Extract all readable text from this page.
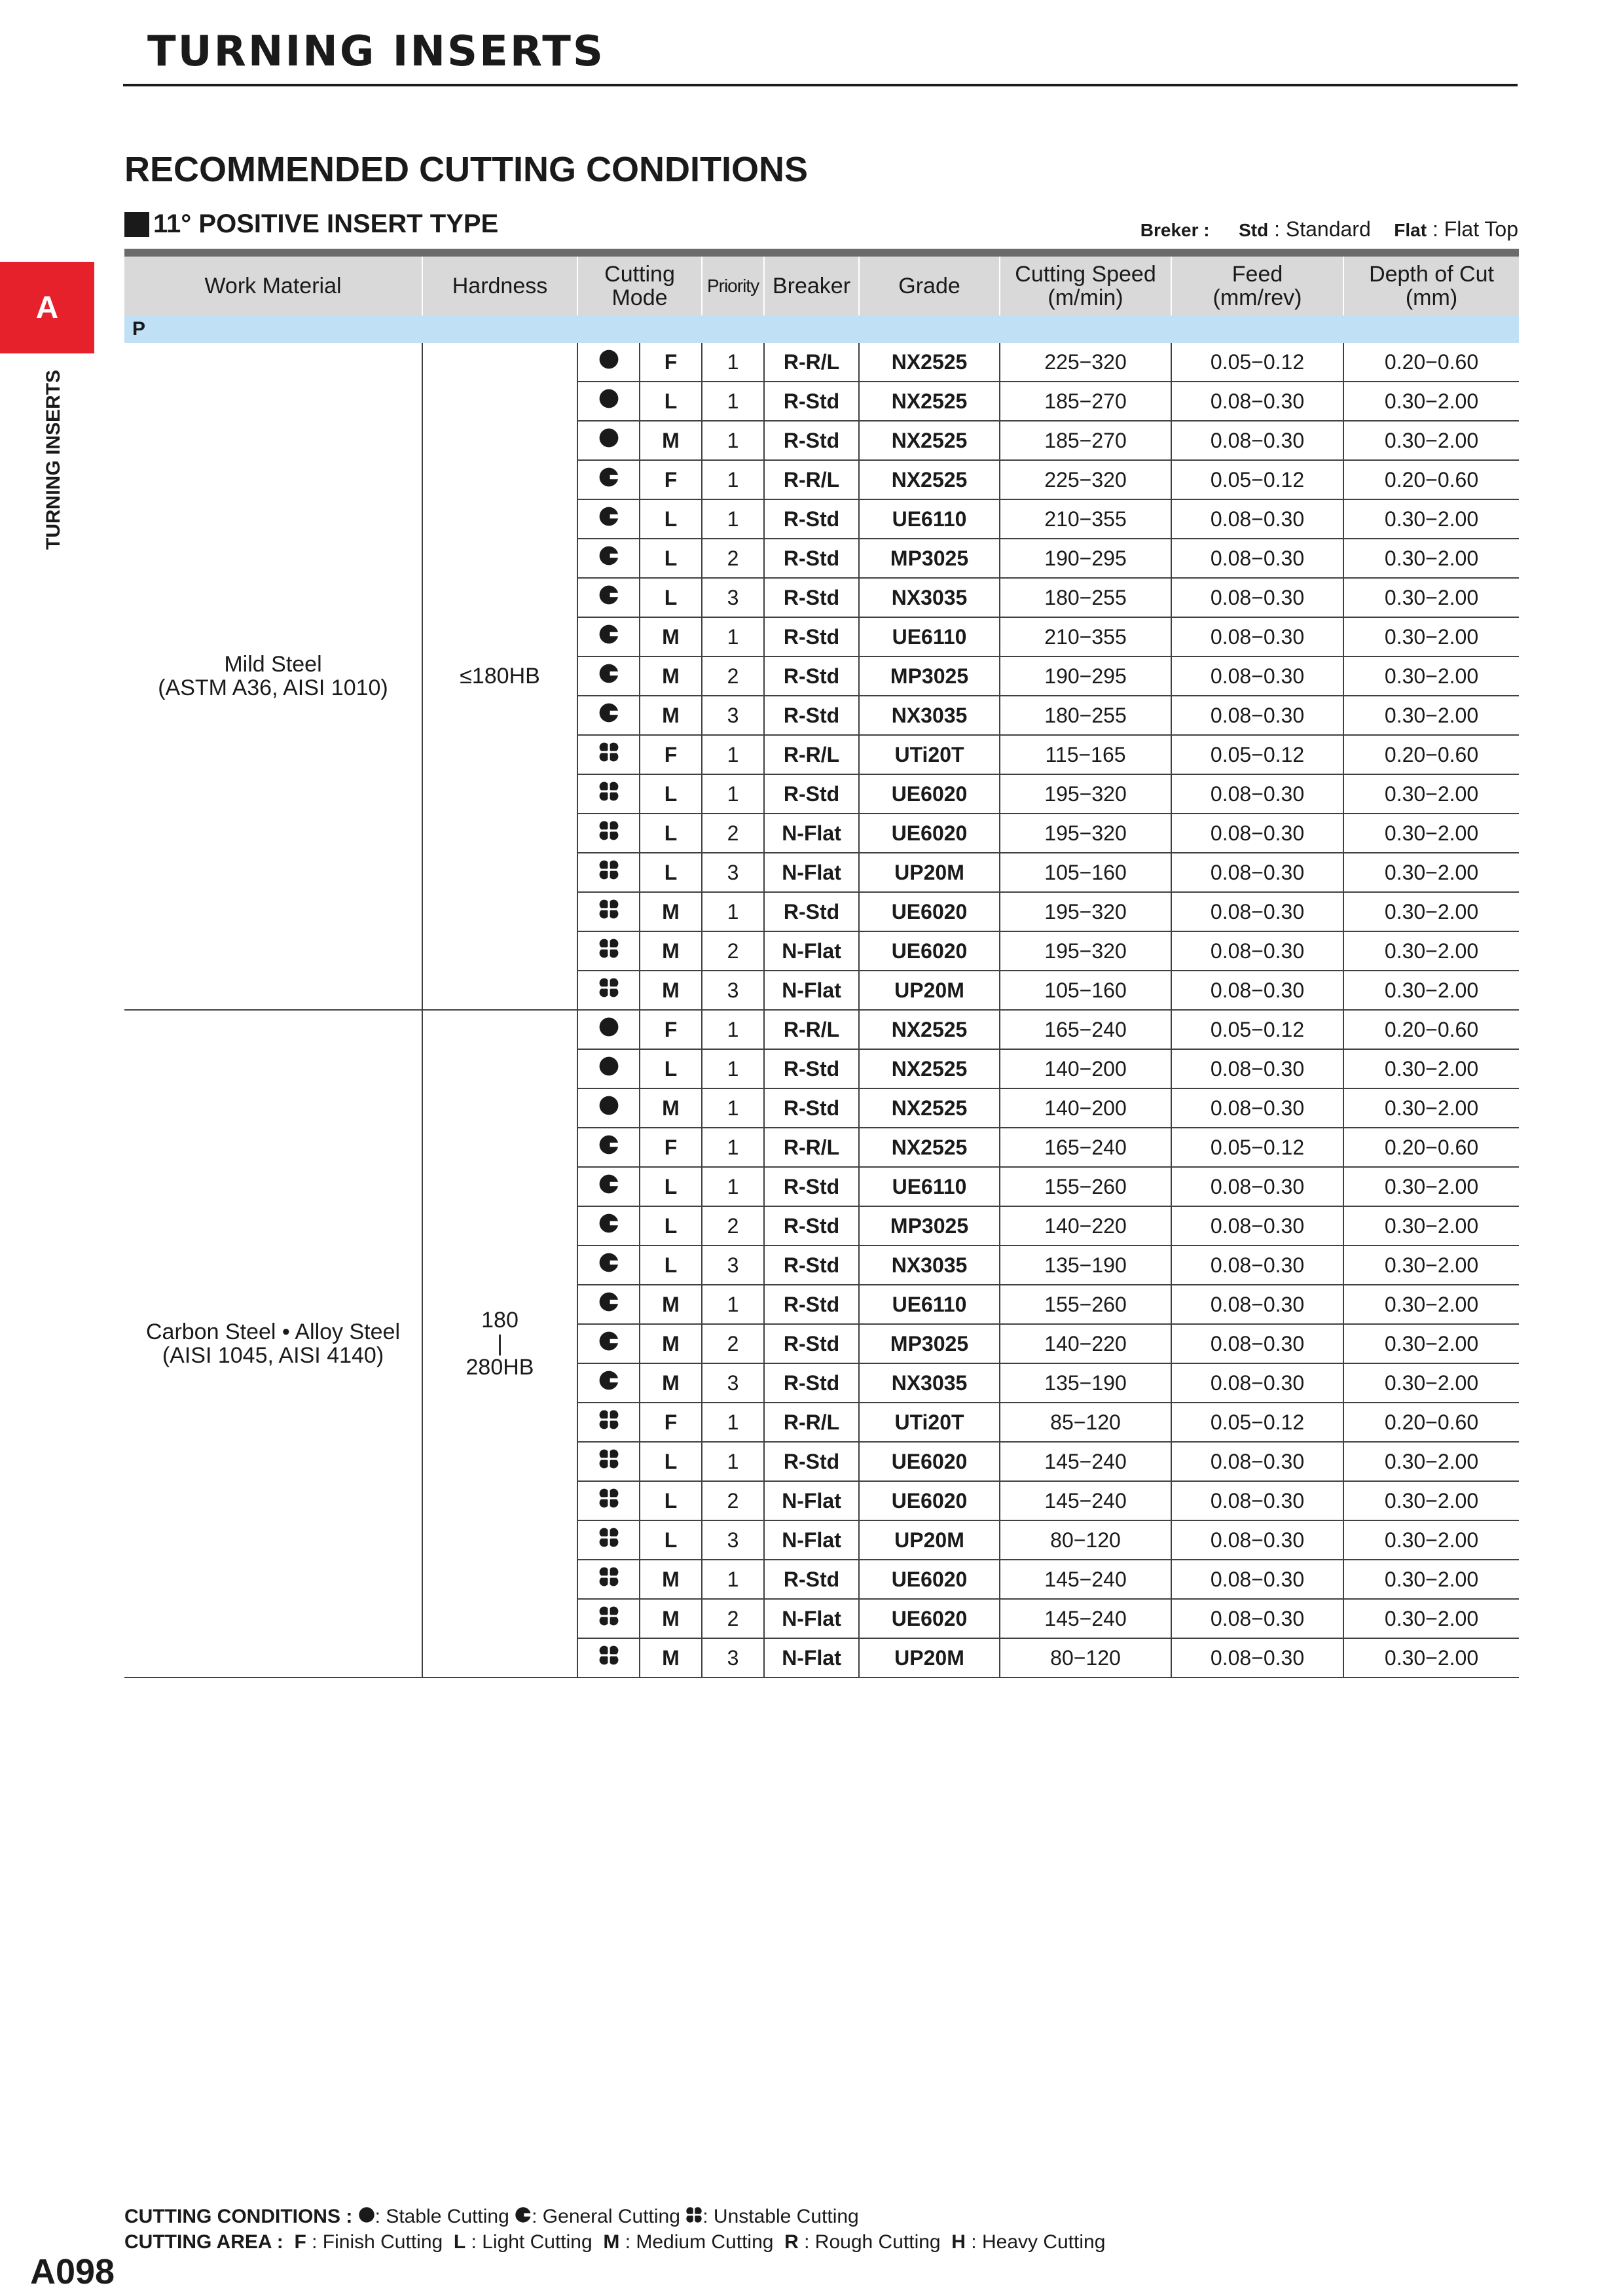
TURNING INSERTS
A
TURNING INSERTS
RECOMMENDED CUTTING CONDITIONS
11° POSITIVE INSERT TYPE	Breker : Std : Standard Flat : Flat Top
Work Material	Hardness	Cutting
Mode		Priority	Breaker	Grade	Cutting Speed
(m/min)	Feed
(mm/rev)	Depth of Cut
(mm)
P									
Mild Steel
(ASTM A36, AISI 1010)	≤180HB		F	1	R-R/L	NX2525	225−320	0.05−0.12	0.20−0.60
	L	1	R-Std	NX2525	185−270	0.08−0.30	0.30−2.00
	M	1	R-Std	NX2525	185−270	0.08−0.30	0.30−2.00
	F	1	R-R/L	NX2525	225−320	0.05−0.12	0.20−0.60
	L	1	R-Std	UE6110	210−355	0.08−0.30	0.30−2.00
	L	2	R-Std	MP3025	190−295	0.08−0.30	0.30−2.00
	L	3	R-Std	NX3035	180−255	0.08−0.30	0.30−2.00
	M	1	R-Std	UE6110	210−355	0.08−0.30	0.30−2.00
	M	2	R-Std	MP3025	190−295	0.08−0.30	0.30−2.00
	M	3	R-Std	NX3035	180−255	0.08−0.30	0.30−2.00
	F	1	R-R/L	UTi20T	115−165	0.05−0.12	0.20−0.60
	L	1	R-Std	UE6020	195−320	0.08−0.30	0.30−2.00
	L	2	N-Flat	UE6020	195−320	0.08−0.30	0.30−2.00
	L	3	N-Flat	UP20M	105−160	0.08−0.30	0.30−2.00
	M	1	R-Std	UE6020	195−320	0.08−0.30	0.30−2.00
	M	2	N-Flat	UE6020	195−320	0.08−0.30	0.30−2.00
	M	3	N-Flat	UP20M	105−160	0.08−0.30	0.30−2.00
Carbon Steel • Alloy Steel
(AISI 1045, AISI 4140)	180
|
280HB		F	1	R-R/L	NX2525	165−240	0.05−0.12	0.20−0.60
	L	1	R-Std	NX2525	140−200	0.08−0.30	0.30−2.00
	M	1	R-Std	NX2525	140−200	0.08−0.30	0.30−2.00
	F	1	R-R/L	NX2525	165−240	0.05−0.12	0.20−0.60
	L	1	R-Std	UE6110	155−260	0.08−0.30	0.30−2.00
	L	2	R-Std	MP3025	140−220	0.08−0.30	0.30−2.00
	L	3	R-Std	NX3035	135−190	0.08−0.30	0.30−2.00
	M	1	R-Std	UE6110	155−260	0.08−0.30	0.30−2.00
	M	2	R-Std	MP3025	140−220	0.08−0.30	0.30−2.00
	M	3	R-Std	NX3035	135−190	0.08−0.30	0.30−2.00
	F	1	R-R/L	UTi20T	85−120	0.05−0.12	0.20−0.60
	L	1	R-Std	UE6020	145−240	0.08−0.30	0.30−2.00
	L	2	N-Flat	UE6020	145−240	0.08−0.30	0.30−2.00
	L	3	N-Flat	UP20M	80−120	0.08−0.30	0.30−2.00
	M	1	R-Std	UE6020	145−240	0.08−0.30	0.30−2.00
	M	2	N-Flat	UE6020	145−240	0.08−0.30	0.30−2.00
	M	3	N-Flat	UP20M	80−120	0.08−0.30	0.30−2.00
CUTTING CONDITIONS : : Stable Cutting : General Cutting : Unstable Cutting
CUTTING AREA : F : Finish Cutting L : Light Cutting M : Medium Cutting R : Rough Cutting H : Heavy Cutting
A098
